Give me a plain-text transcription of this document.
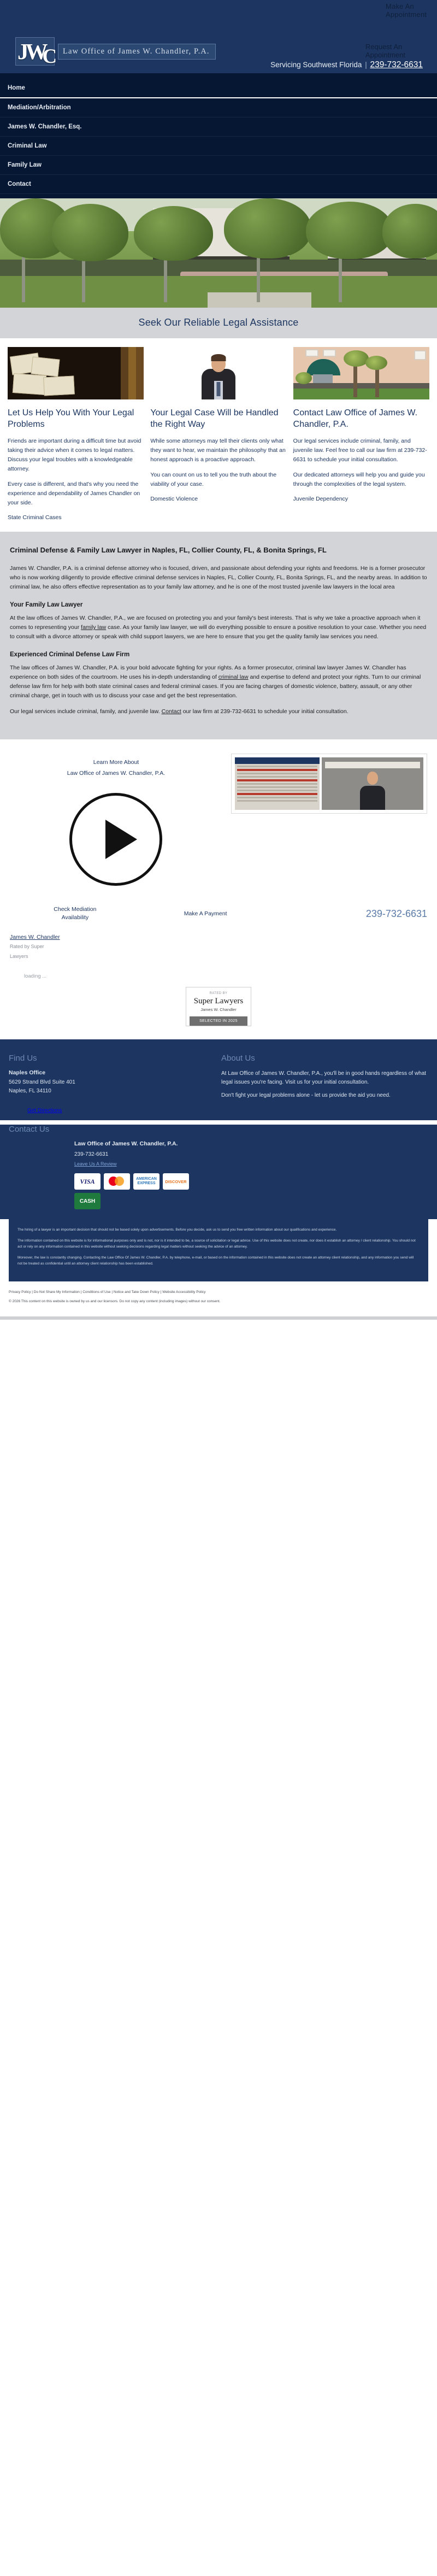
Make An Appointment
JWC	Law Office of James W. Chandler, P.A.	Request An Appointment
Servicing Southwest Florida | 239-732-6631
Home
Mediation/Arbitration
James W. Chandler, Esq.
Criminal Law
Family Law
Contact
Seek Our Reliable Legal Assistance
Let Us Help You With Your Legal Problems

Friends are important during a difficult time but avoid taking their advice when it comes to legal matters. Discuss your legal troubles with a knowledgeable attorney.

Every case is different, and that's why you need the experience and dependability of James Chandler on your side.

State Criminal Cases
Your Legal Case Will be Handled the Right Way

While some attorneys may tell their clients only what they want to hear, we maintain the philosophy that an honest approach is a proactive approach.

You can count on us to tell you the truth about the viability of your case.

Domestic Violence
Contact Law Office of James W. Chandler, P.A.

Our legal services include criminal, family, and juvenile law. Feel free to call our law firm at 239-732-6631 to schedule your initial consultation.

Our dedicated attorneys will help you and guide you through the complexities of the legal system.

Juvenile Dependency
Criminal Defense & Family Law Lawyer in Naples, FL, Collier County, FL, & Bonita Springs, FL

James W. Chandler, P.A. is a criminal defense attorney who is focused, driven, and passionate about defending your rights and freedoms. He is a former prosecutor who is now working diligently to provide effective criminal defense services in Naples, FL, Collier County, FL, Bonita Springs, FL, and the nearby areas. In addition to criminal law, he also offers effective representation as to your family law attorney, and he is one of the most trusted juvenile law lawyers in the local area

Your Family Law Lawyer

At the law offices of James W. Chandler, P.A., we are focused on protecting you and your family's best interests. That is why we take a proactive approach when it comes to representing your family law case. As your family law lawyer, we will do everything possible to ensure a positive resolution to your case. Whether you need to consult with a divorce attorney or speak with child support lawyers, we are here to ensure that you get the quality family law services you need.

Experienced Criminal Defense Law Firm

The law offices of James W. Chandler, P.A. is your bold advocate fighting for your rights. As a former prosecutor, criminal law lawyer James W. Chandler has experience on both sides of the courtroom. He uses his in-depth understanding of criminal law and expertise to defend and protect your rights. Turn to our criminal defense law firm for help with both state criminal cases and federal criminal cases. If you are facing charges of domestic violence, battery, assault, or any other criminal charge, get in touch with us to discuss your case and get the best representation.

Our legal services include criminal, family, and juvenile law. Contact our law firm at 239-732-6631 to schedule your initial consultation.

Learn More About
Law Office of James W. Chandler, P.A.
Check Mediation
Availability
Make A Payment	239-732-6631
James W. Chandler
Rated by Super
Lawyers
loading ...
RATED BY
Super Lawyers
James W. Chandler
SELECTED IN 2025
Find Us
Naples Office

5629 Strand Blvd Suite 401
Naples, FL 34110

Get Directions
About Us

At Law Office of James W. Chandler, P.A., you'll be in good hands regardless of what legal issues you're facing. Visit us for your initial consultation.

Don't fight your legal problems alone - let us provide the aid you need.

Contact Us
Law Office of James W. Chandler, P.A.
239-732-6631
Leave Us A Review
VISA	AMERICAN EXPRESS	DISCOVER
CASH

The hiring of a lawyer is an important decision that should not be based solely upon advertisements. Before you decide, ask us to send you free written information about our qualifications and experience.

The information contained on this website is for informational purposes only and is not, nor is it intended to be, a source of solicitation or legal advice. Use of this website does not create, nor does it establish an attorney / client relationship. You should not act or rely on any information contained in this website without seeking decisions regarding legal matters without seeking the advice of an attorney.

Moreover, the law is constantly changing. Contacting the Law Office Of James W. Chandler, P.A. by telephone, e-mail, or based on the information contained in this website does not create an attorney client relationship, and any information you send will not be treated as confidential until an attorney client relationship has been established.

Privacy Policy | Do Not Share My Information | Conditions of Use | Notice and Take Down Policy | Website Accessibility Policy
© 2026 This content on this website is owned by us and our licensors. Do not copy any content (including images) without our consent.
